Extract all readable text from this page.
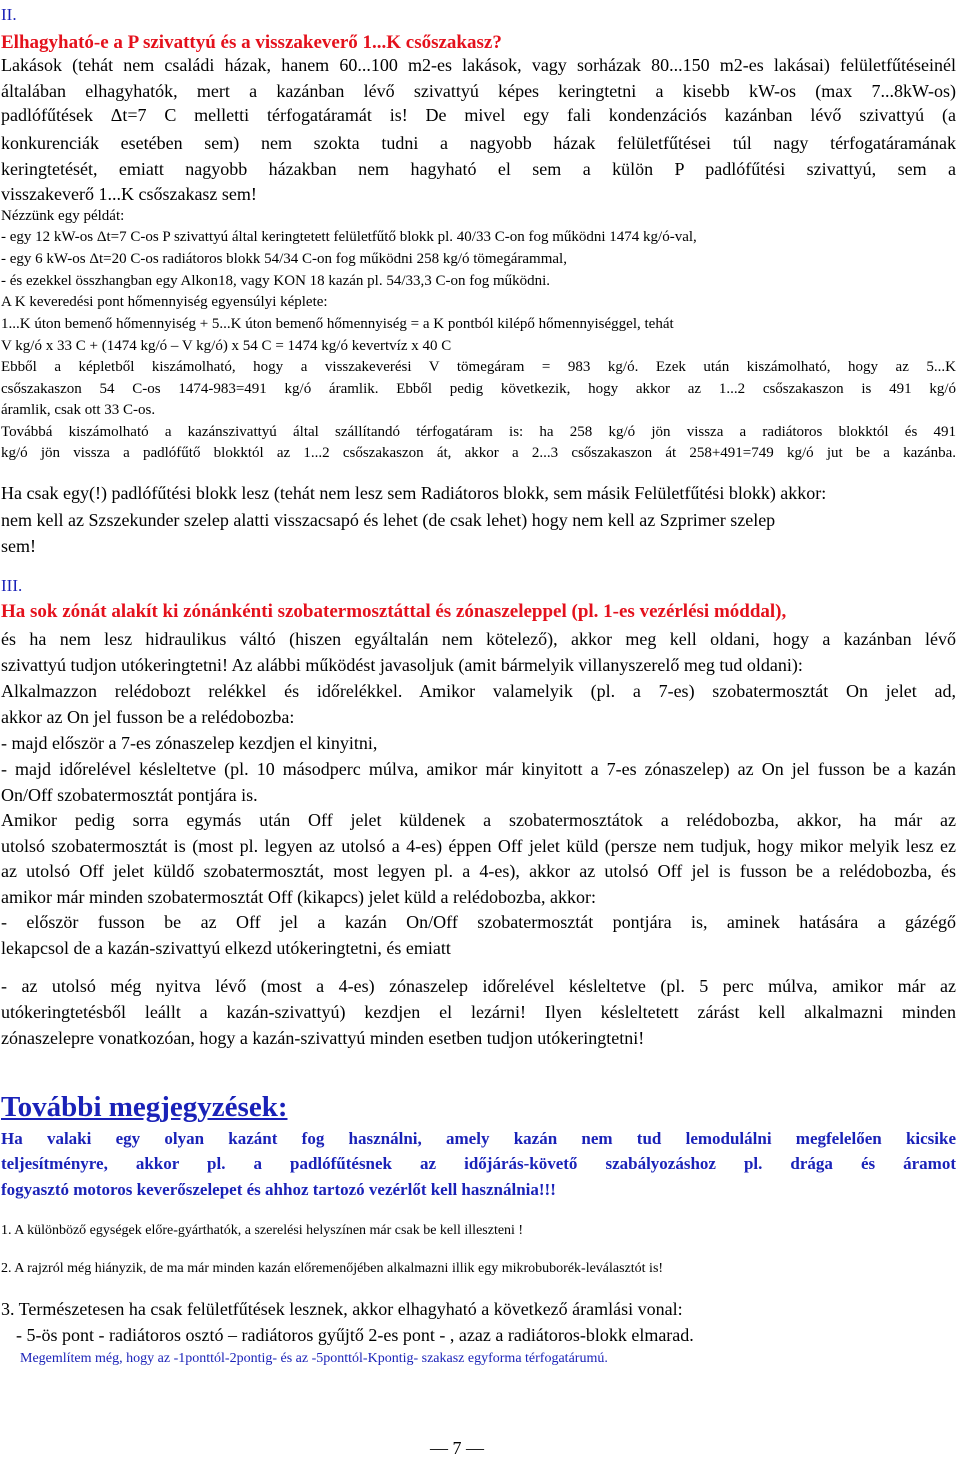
II.
Elhagyható-e a P szivattyú és a visszakeverő 1...K csőszakasz?
Lakások (tehát nem családi házak, hanem 60...100 m2-es lakások, vagy sorházak 80...150 m2-es lakásai) felületfűtéseinél
általában elhagyhatók, mert a kazánban lévő szivattyú képes keringtetni a kisebb kW-os (max 7...8kW-os)
padlófűtések Δt=7 C melletti térfogatáramát is! De mivel egy fali kondenzációs kazánban lévő szivattyú (a
konkurenciák esetében sem) nem szokta tudni a nagyobb házak felületfűtései túl nagy térfogatáramának
keringtetését, emiatt nagyobb házakban nem hagyható el sem a külön P padlófűtési szivattyú, sem a
visszakeverő 1...K csőszakasz sem!
Nézzünk egy példát:
- egy 12 kW-os Δt=7 C-os P szivattyú által keringtetett felületfűtő blokk pl. 40/33 C-on fog működni 1474 kg/ó-val,
- egy 6 kW-os Δt=20 C-os radiátoros blokk 54/34 C-on fog működni 258 kg/ó tömegárammal,
- és ezekkel összhangban egy Alkon18, vagy KON 18 kazán pl. 54/33,3 C-on fog működni.
A K keveredési pont hőmennyiség egyensúlyi képlete:
1...K úton bemenő hőmennyiség + 5...K úton bemenő hőmennyiség = a K pontból kilépő hőmennyiséggel, tehát
V kg/ó x 33 C + (1474 kg/ó – V kg/ó) x 54 C = 1474 kg/ó kevertvíz x 40 C
Ebből a képletből kiszámolható, hogy a visszakeverési V tömegáram = 983 kg/ó. Ezek után kiszámolható, hogy az 5...K
csőszakaszon 54 C-os 1474-983=491 kg/ó áramlik. Ebből pedig következik, hogy akkor az 1...2 csőszakaszon is 491 kg/ó
áramlik, csak ott 33 C-os.
Továbbá kiszámolható a kazánszivattyú által szállítandó térfogatáram is: ha 258 kg/ó jön vissza a radiátoros blokktól és 491
kg/ó jön vissza a padlófűtő blokktól az 1...2 csőszakaszon át, akkor a 2...3 csőszakaszon át 258+491=749 kg/ó jut be a kazánba.
Ha csak egy(!) padlófűtési blokk lesz (tehát nem lesz sem Radiátoros blokk, sem másik Felületfűtési blokk) akkor:
nem kell az Szszekunder szelep alatti visszacsapó és lehet (de csak lehet) hogy nem kell az Szprimer szelep
sem!
III.
Ha sok zónát alakít ki zónánkénti szobatermosztáttal és zónaszeleppel (pl. 1-es vezérlési móddal),
és ha nem lesz hidraulikus váltó (hiszen egyáltalán nem kötelező), akkor meg kell oldani, hogy a kazánban lévő
szivattyú tudjon utókeringtetni! Az alábbi működést javasoljuk (amit bármelyik villanyszerelő meg tud oldani):
Alkalmazzon relédobozt relékkel és időrelékkel. Amikor valamelyik (pl. a 7-es) szobatermosztát On jelet ad,
akkor az On jel fusson be a relédobozba:
- majd először a 7-es zónaszelep kezdjen el kinyitni,
- majd időrelével késleltetve (pl. 10 másodperc múlva, amikor már kinyitott a 7-es zónaszelep) az On jel fusson be a kazán
On/Off szobatermosztát pontjára is.
Amikor pedig sorra egymás után Off jelet küldenek a szobatermosztátok a relédobozba, akkor, ha már az
utolsó szobatermosztát is (most pl. legyen az utolsó a 4-es) éppen Off jelet küld (persze nem tudjuk, hogy mikor melyik lesz ez
az utolsó Off jelet küldő szobatermosztát, most legyen pl. a 4-es), akkor az utolsó Off jel is fusson be a relédobozba, és
amikor már minden szobatermosztát Off (kikapcs) jelet küld a relédobozba, akkor:
- először fusson be az Off jel a kazán On/Off szobatermosztát pontjára is, aminek hatására a gázégő
lekapcsol de a kazán-szivattyú elkezd utókeringtetni, és emiatt
- az utolsó még nyitva lévő (most a 4-es) zónaszelep időrelével késleltetve (pl. 5 perc múlva, amikor már az
utókeringtetésből leállt a kazán-szivattyú) kezdjen el lezárni! Ilyen késleltetett zárást kell alkalmazni minden
zónaszelepre vonatkozóan, hogy a kazán-szivattyú minden esetben tudjon utókeringtetni!
További megjegyzések:
Ha valaki egy olyan kazánt fog használni, amely kazán nem tud lemodulálni megfelelően kicsike
teljesítményre, akkor pl. a padlófűtésnek az időjárás-követő szabályozáshoz pl. drága és áramot
fogyasztó motoros keverőszelepet és ahhoz tartozó vezérlőt kell használnia!!!
1. A különböző egységek előre-gyárthatók, a szerelési helyszínen már csak be kell illeszteni !
2. A rajzról még hiányzik, de ma már minden kazán előremenőjében alkalmazni illik egy mikrobuborék-leválasztót is!
3. Természetesen ha csak felületfűtések lesznek, akkor elhagyható a következő áramlási vonal:
- 5-ös pont - radiátoros osztó – radiátoros gyűjtő 2-es pont - , azaz a radiátoros-blokk elmarad.
Megemlítem még, hogy az -1ponttól-2pontig- és az -5ponttól-Kpontig- szakasz egyforma térfogatárumú.
— 7 —
